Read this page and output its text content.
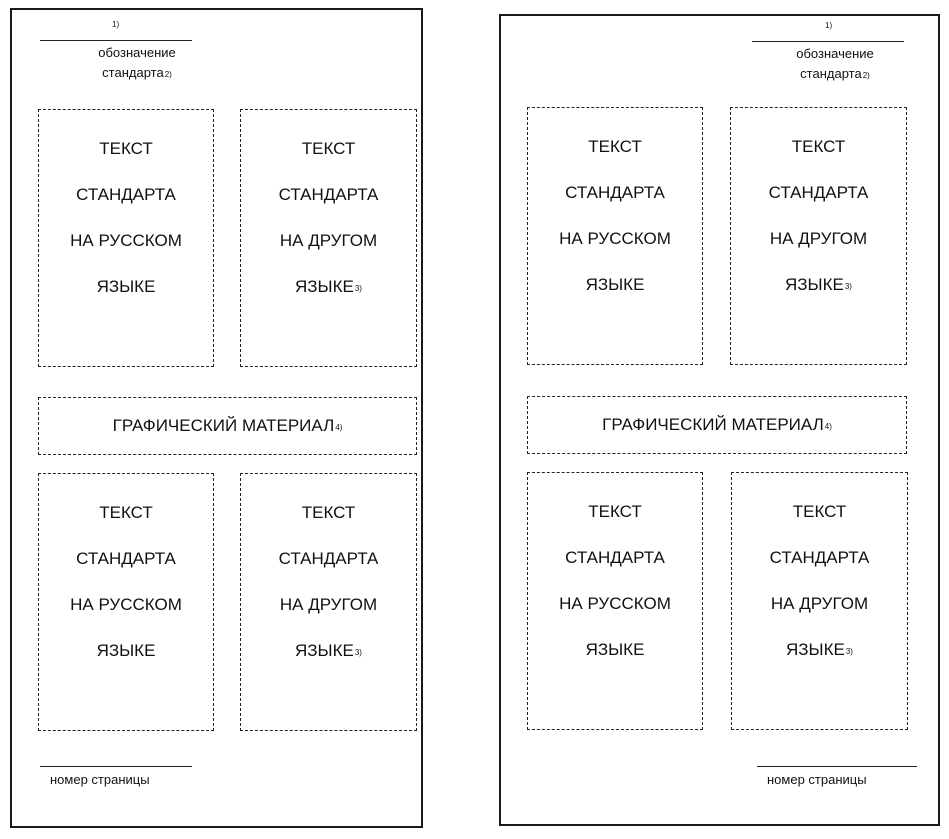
1)
обозначение
стандарта$^{2)}$
ТЕКСТ
СТАНДАРТА
НА РУССКОМ
ЯЗЫКЕ
ТЕКСТ
СТАНДАРТА
НА ДРУГОМ
ЯЗЫКЕ$^{3)}$
ГРАФИЧЕСКИЙ МАТЕРИАЛ$^{4)}$
ТЕКСТ
СТАНДАРТА
НА РУССКОМ
ЯЗЫКЕ
ТЕКСТ
СТАНДАРТА
НА ДРУГОМ
ЯЗЫКЕ$^{3)}$
номер страницы
1)
обозначение
стандарта$^{2)}$
ТЕКСТ
СТАНДАРТА
НА РУССКОМ
ЯЗЫКЕ
ТЕКСТ
СТАНДАРТА
НА ДРУГОМ
ЯЗЫКЕ$^{3)}$
ГРАФИЧЕСКИЙ МАТЕРИАЛ$^{4)}$
ТЕКСТ
СТАНДАРТА
НА РУССКОМ
ЯЗЫКЕ
ТЕКСТ
СТАНДАРТА
НА ДРУГОМ
ЯЗЫКЕ$^{3)}$
номер страницы
